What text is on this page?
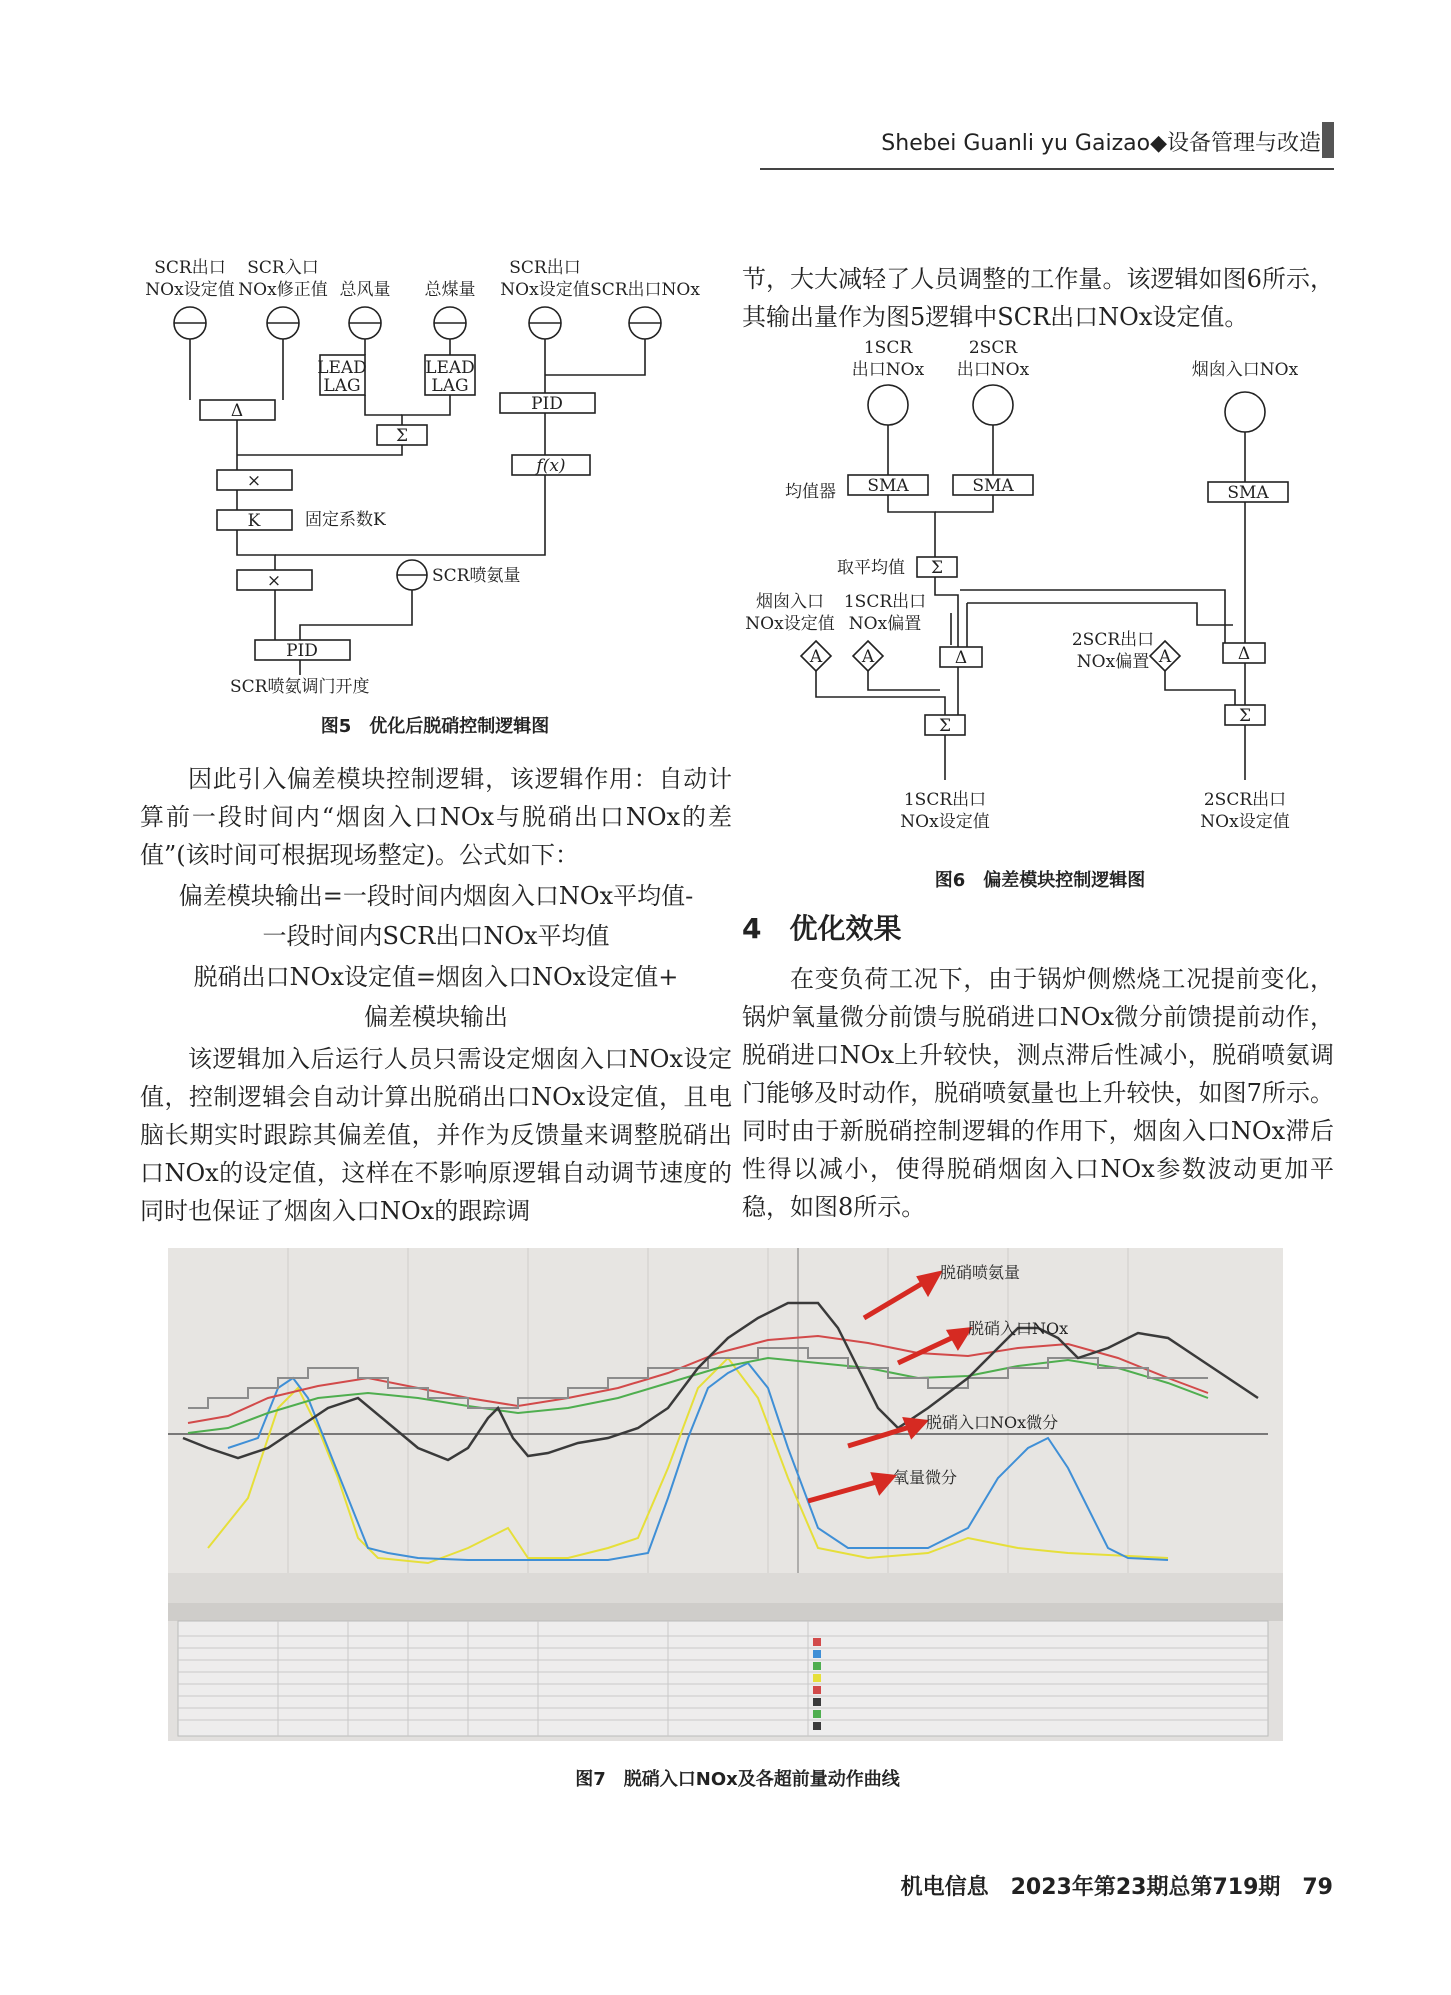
Shebei Guanli yu Gaizao◆设备管理与改造
SCR出口
NOx设定值
SCR入口
NOx修正值 总风量 总煤量
SCR出口
NOx设定值 SCR出口NOx
LEAD
LAG
LEAD
LAG
Δ
Σ
PID
f(x)
×
K
×
PID
固定系数K
SCR喷氨量
SCR喷氨调门开度
图5　优化后脱硝控制逻辑图
1SCR
出口NOx
2SCR
出口NOx	烟囱入口NOx
SMA	SMA	SMA
Σ
Δ	Δ
Σ	Σ
均值器
取平均值
烟囱入口
NOx设定值
1SCR出口
NOx偏置
2SCR出口
NOx偏置
A A	A
1SCR出口
NOx设定值
2SCR出口
NOx设定值
图6　偏差模块控制逻辑图
节，大大减轻了人员调整的工作量。该逻辑如图6所示，其输出量作为图5逻辑中SCR出口NOx设定值。
4　优化效果
在变负荷工况下，由于锅炉侧燃烧工况提前变化，锅炉氧量微分前馈与脱硝进口NOx微分前馈提前动作，脱硝进口NOx上升较快，测点滞后性减小，脱硝喷氨调门能够及时动作，脱硝喷氨量也上升较快，如图7所示。同时由于新脱硝控制逻辑的作用下，烟囱入口NOx滞后性得以减小，使得脱硝烟囱入口NOx参数波动更加平稳，如图8所示。
因此引入偏差模块控制逻辑，该逻辑作用：自动计算前一段时间内“烟囱入口NOx与脱硝出口NOx的差值”(该时间可根据现场整定)。公式如下：
偏差模块输出=一段时间内烟囱入口NOx平均值-
一段时间内SCR出口NOx平均值
脱硝出口NOx设定值=烟囱入口NOx设定值+
偏差模块输出
该逻辑加入后运行人员只需设定烟囱入口NOx设定值，控制逻辑会自动计算出脱硝出口NOx设定值，且电脑长期实时跟踪其偏差值，并作为反馈量来调整脱硝出口NOx的设定值，这样在不影响原逻辑自动调节速度的同时也保证了烟囱入口NOx的跟踪调
脱硝喷氨量
脱硝入口NOx
脱硝入口NOx微分
氧量微分
图7　脱硝入口NOx及各超前量动作曲线
机电信息　2023年第23期总第719期　79
